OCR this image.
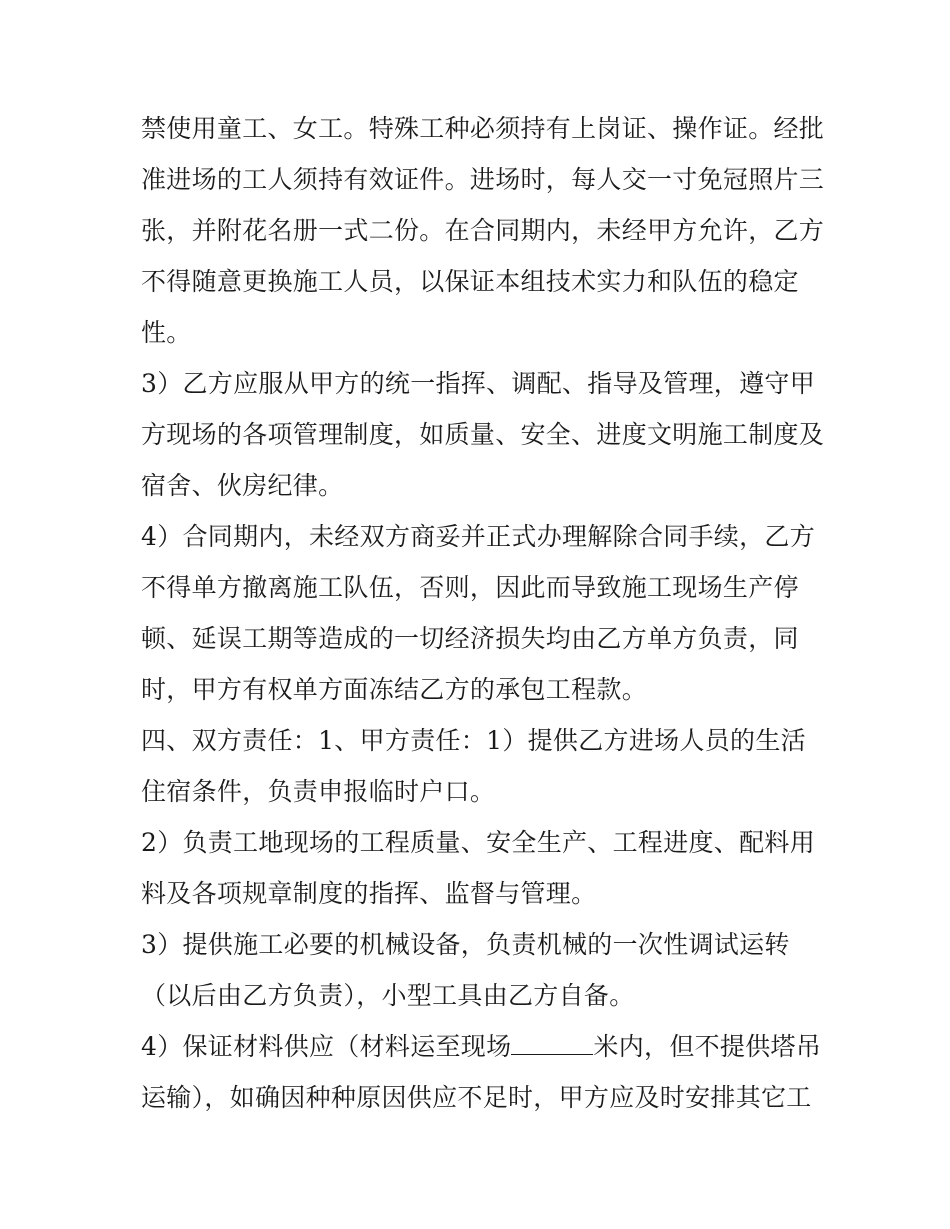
禁使用童工、女工。特殊工种必须持有上岗证、操作证。经批
准进场的工人须持有效证件。进场时，每人交一寸免冠照片三
张，并附花名册一式二份。在合同期内，未经甲方允许，乙方
不得随意更换施工人员，以保证本组技术实力和队伍的稳定
性。
3）乙方应服从甲方的统一指挥、调配、指导及管理，遵守甲
方现场的各项管理制度，如质量、安全、进度文明施工制度及
宿舍、伙房纪律。
4）合同期内，未经双方商妥并正式办理解除合同手续，乙方
不得单方撤离施工队伍，否则，因此而导致施工现场生产停
顿、延误工期等造成的一切经济损失均由乙方单方负责，同
时，甲方有权单方面冻结乙方的承包工程款。
四、双方责任：1、甲方责任：1）提供乙方进场人员的生活
住宿条件，负责申报临时户口。
2）负责工地现场的工程质量、安全生产、工程进度、配料用
料及各项规章制度的指挥、监督与管理。
3）提供施工必要的机械设备，负责机械的一次性调试运转
（以后由乙方负责），小型工具由乙方自备。
4）保证材料供应（材料运至现场	米内，但不提供塔吊
运输），如确因种种原因供应不足时，甲方应及时安排其它工
